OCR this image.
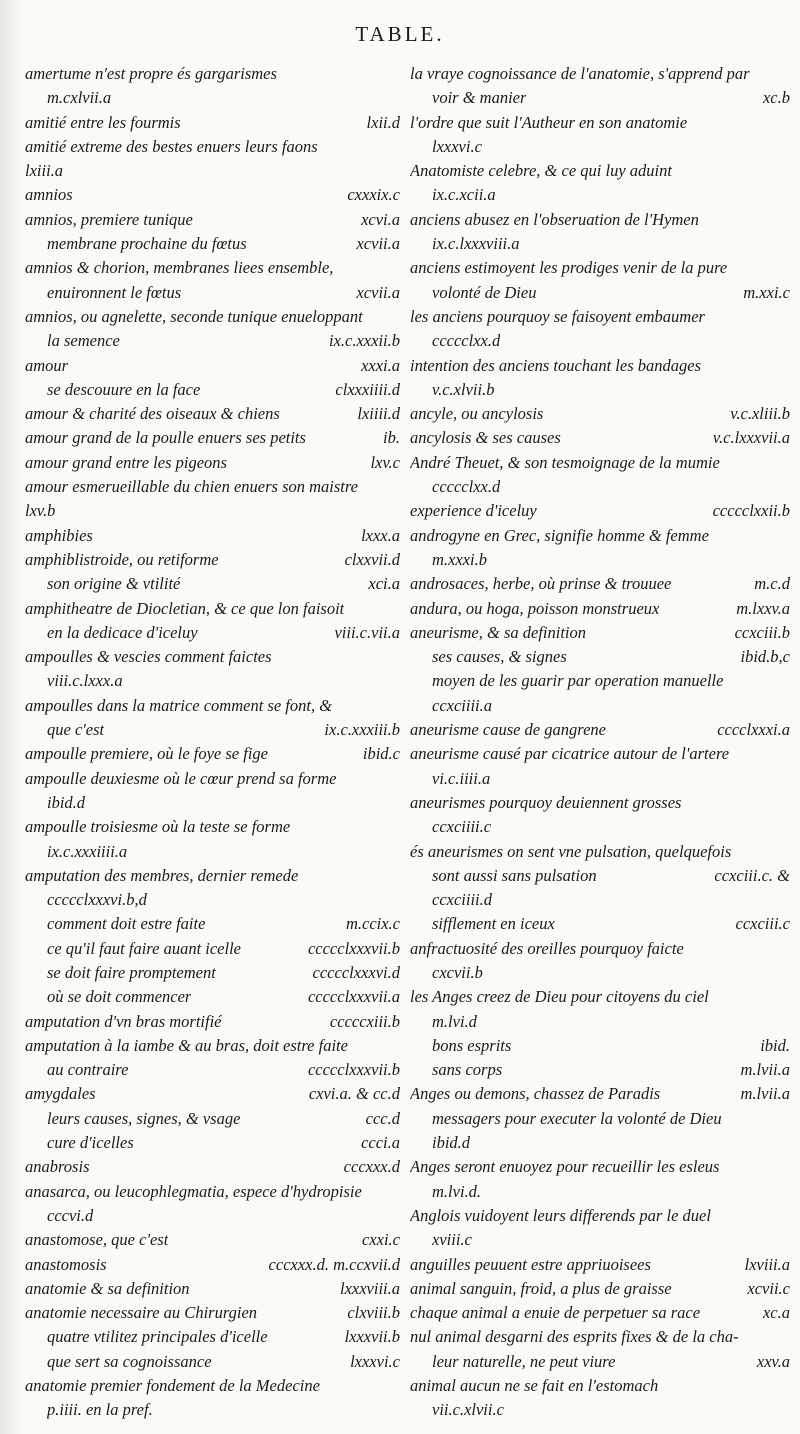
TABLE.
amertume n'est propre és gargarismes
m.cxlvii.a
amitié entre les fourmis	lxii.d
amitié extreme des bestes enuers leurs faons
lxiii.a
amnios	cxxxix.c
amnios, premiere tunique	xcvi.a
membrane prochaine du fœtus	xcvii.a
amnios & chorion, membranes liees ensemble,
enuironnent le fœtus	xcvii.a
amnios, ou agnelette, seconde tunique enueloppant
la semence	ix.c.xxxii.b
amour	xxxi.a
se descouure en la face	clxxxiiii.d
amour & charité des oiseaux & chiens	lxiiii.d
amour grand de la poulle enuers ses petits	ib.
amour grand entre les pigeons	lxv.c
amour esmerueillable du chien enuers son maistre
lxv.b
amphibies	lxxx.a
amphiblistroide, ou retiforme	clxxvii.d
son origine & vtilité	xci.a
amphitheatre de Diocletian, & ce que lon faisoit
en la dedicace d'iceluy	viii.c.vii.a
ampoulles & vescies comment faictes
viii.c.lxxx.a
ampoulles dans la matrice comment se font, &
que c'est	ix.c.xxxiii.b
ampoulle premiere, où le foye se fige	ibid.c
ampoulle deuxiesme où le cœur prend sa forme
ibid.d
ampoulle troisiesme où la teste se forme
ix.c.xxxiiii.a
amputation des membres, dernier remede
ccccclxxxvi.b,d
comment doit estre faite	m.ccix.c
ce qu'il faut faire auant icelle	ccccclxxxvii.b
se doit faire promptement	ccccclxxxvi.d
où se doit commencer	ccccclxxxvii.a
amputation d'vn bras mortifié	cccccxiii.b
amputation à la iambe & au bras, doit estre faite
au contraire	ccccclxxxvii.b
amygdales	cxvi.a. & cc.d
leurs causes, signes, & vsage	ccc.d
cure d'icelles	ccci.a
anabrosis	cccxxx.d
anasarca, ou leucophlegmatia, espece d'hydropisie
cccvi.d
anastomose, que c'est	cxxi.c
anastomosis	cccxxx.d. m.ccxvii.d
anatomie & sa definition	lxxxviii.a
anatomie necessaire au Chirurgien	clxviii.b
quatre vtilitez principales d'icelle	lxxxvii.b
que sert sa cognoissance	lxxxvi.c
anatomie premier fondement de la Medecine
p.iiii. en la pref.
la vraye cognoissance de l'anatomie, s'apprend par
voir & manier	xc.b
l'ordre que suit l'Autheur en son anatomie
lxxxvi.c
Anatomiste celebre, & ce qui luy aduint
ix.c.xcii.a
anciens abusez en l'obseruation de l'Hymen
ix.c.lxxxviii.a
anciens estimoyent les prodiges venir de la pure
volonté de Dieu	m.xxi.c
les anciens pourquoy se faisoyent embaumer
ccccclxx.d
intention des anciens touchant les bandages
v.c.xlvii.b
ancyle, ou ancylosis	v.c.xliii.b
ancylosis & ses causes	v.c.lxxxvii.a
André Theuet, & son tesmoignage de la mumie
ccccclxx.d
experience d'iceluy	ccccclxxii.b
androgyne en Grec, signifie homme & femme
m.xxxi.b
androsaces, herbe, où prinse & trouuee	m.c.d
andura, ou hoga, poisson monstrueux	m.lxxv.a
aneurisme, & sa definition	ccxciii.b
ses causes, & signes	ibid.b,c
moyen de les guarir par operation manuelle
ccxciiii.a
aneurisme cause de gangrene	cccclxxxi.a
aneurisme causé par cicatrice autour de l'artere
vi.c.iiii.a
aneurismes pourquoy deuiennent grosses
ccxciiii.c
és aneurismes on sent vne pulsation, quelquefois
sont aussi sans pulsation	ccxciii.c. &
ccxciiii.d
sifflement en iceux	ccxciii.c
anfractuosité des oreilles pourquoy faicte
cxcvii.b
les Anges creez de Dieu pour citoyens du ciel
m.lvi.d
bons esprits	ibid.
sans corps	m.lvii.a
Anges ou demons, chassez de Paradis	m.lvii.a
messagers pour executer la volonté de Dieu
ibid.d
Anges seront enuoyez pour recueillir les esleus
m.lvi.d.
Anglois vuidoyent leurs differends par le duel
xviii.c
anguilles peuuent estre appriuoisees	lxviii.a
animal sanguin, froid, a plus de graisse	xcvii.c
chaque animal a enuie de perpetuer sa race	xc.a
nul animal desgarni des esprits fixes & de la cha-
leur naturelle, ne peut viure	xxv.a
animal aucun ne se fait en l'estomach
vii.c.xlvii.c
